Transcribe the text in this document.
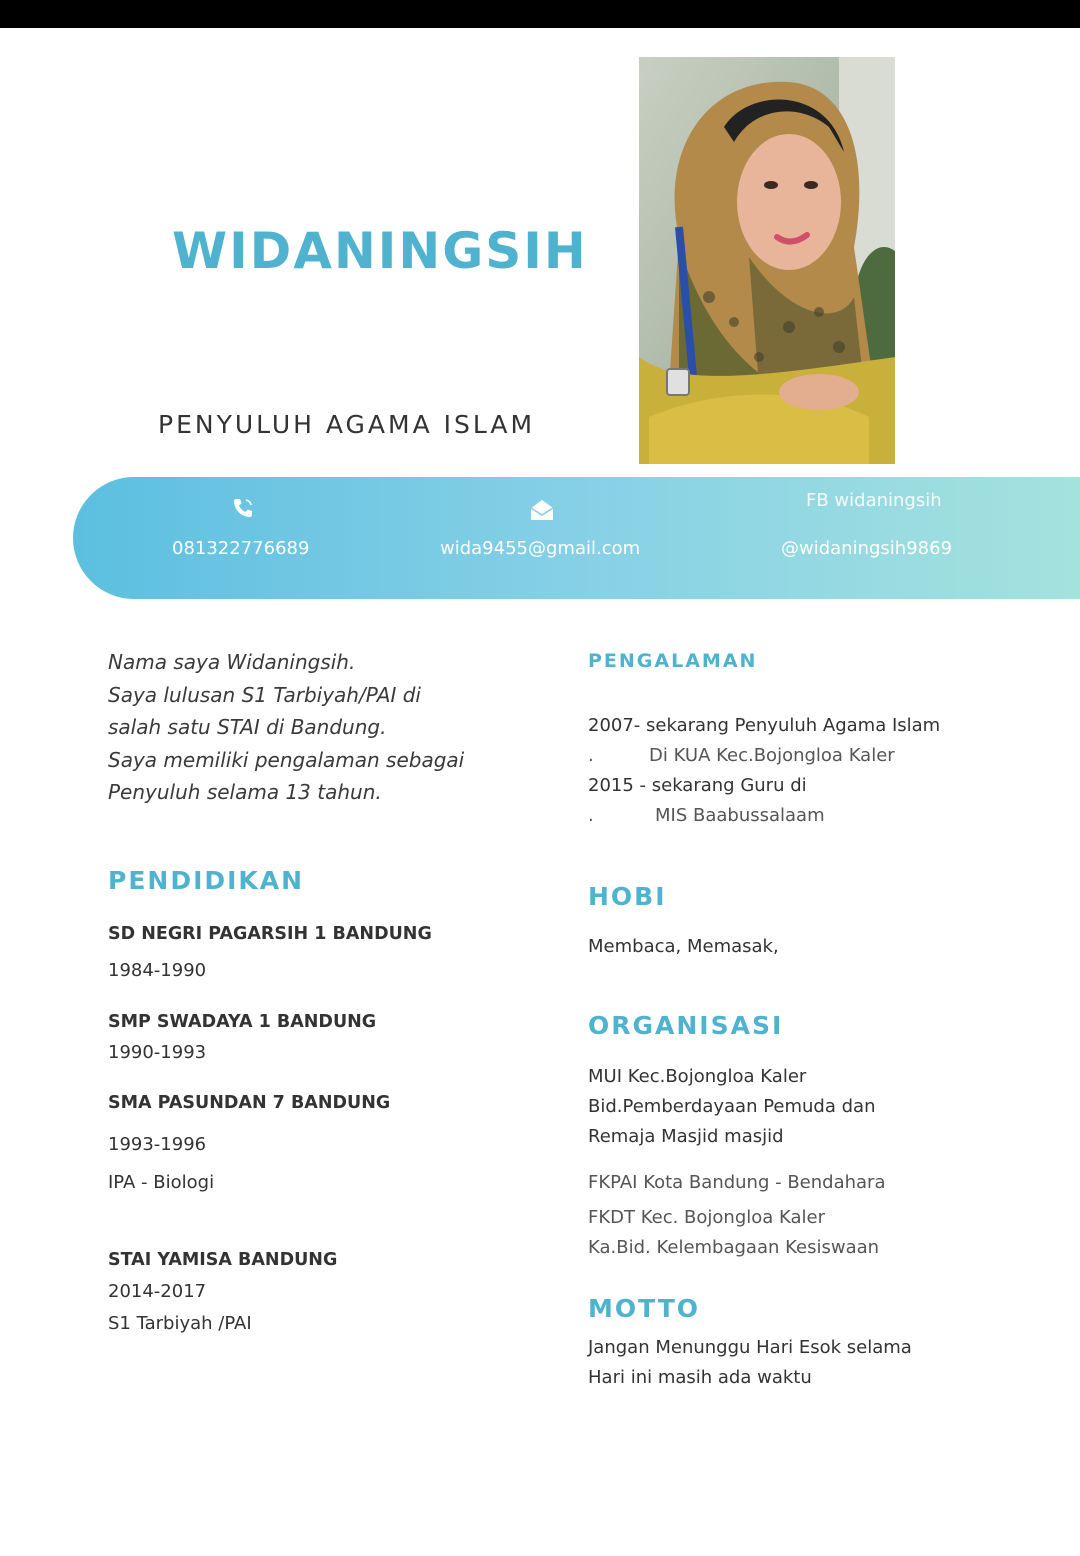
WIDANINGSIH
PENYULUH AGAMA ISLAM
081322776689	wida9455@gmail.com
FB widaningsih
@widaningsih9869
Nama saya Widaningsih.
Saya lulusan S1 Tarbiyah/PAI di
salah satu STAI di Bandung.
Saya memiliki pengalaman sebagai
Penyuluh selama 13 tahun.
PENDIDIKAN
SD NEGRI PAGARSIH 1 BANDUNG
1984-1990
SMP SWADAYA 1 BANDUNG
1990-1993
SMA PASUNDAN 7 BANDUNG
1993-1996
IPA - Biologi
STAI YAMISA BANDUNG
2014-2017
S1 Tarbiyah /PAI
PENGALAMAN
2007- sekarang Penyuluh Agama Islam
.	Di KUA Kec.Bojongloa Kaler
2015 - sekarang Guru di
.	MIS Baabussalaam
HOBI
Membaca, Memasak,
ORGANISASI
MUI Kec.Bojongloa Kaler
Bid.Pemberdayaan Pemuda dan
Remaja Masjid masjid
FKPAI Kota Bandung - Bendahara
FKDT Kec. Bojongloa Kaler
Ka.Bid. Kelembagaan Kesiswaan
MOTTO
Jangan Menunggu Hari Esok selama
Hari ini masih ada waktu
